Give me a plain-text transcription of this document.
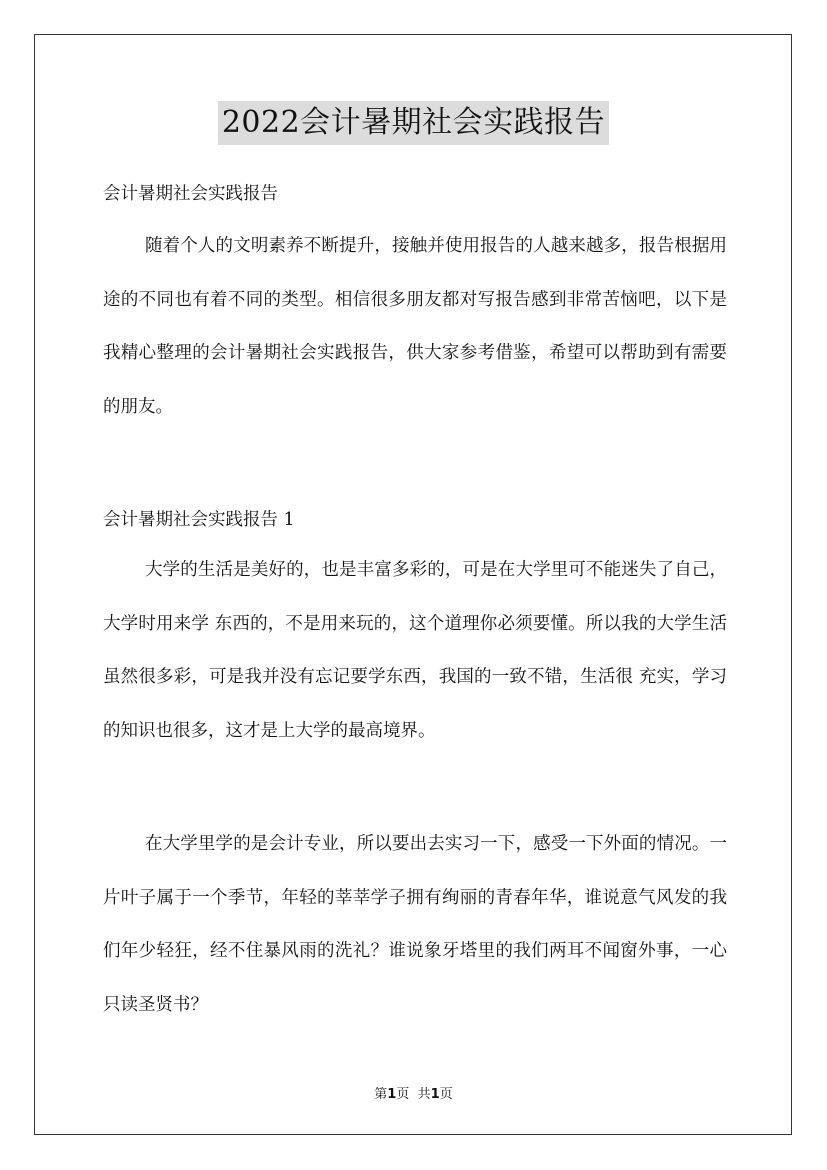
2022会计暑期社会实践报告
会计暑期社会实践报告

随着个人的文明素养不断提升，接触并使用报告的人越来越多，报告根据用途的不同也有着不同的类型。相信很多朋友都对写报告感到非常苦恼吧，以下是我精心整理的会计暑期社会实践报告，供大家参考借鉴，希望可以帮助到有需要的朋友。

会计暑期社会实践报告 1

大学的生活是美好的，也是丰富多彩的，可是在大学里可不能迷失了自己，大学时用来学 东西的，不是用来玩的，这个道理你必须要懂。所以我的大学生活虽然很多彩，可是我并没有忘记要学东西，我国的一致不错，生活很 充实，学习的知识也很多，这才是上大学的最高境界。

在大学里学的是会计专业，所以要出去实习一下，感受一下外面的情况。一片叶子属于一个季节，年轻的莘莘学子拥有绚丽的青春年华，谁说意气风发的我们年少轻狂，经不住暴风雨的洗礼？谁说象牙塔里的我们两耳不闻窗外事，一心只读圣贤书？

第1页 共1页
